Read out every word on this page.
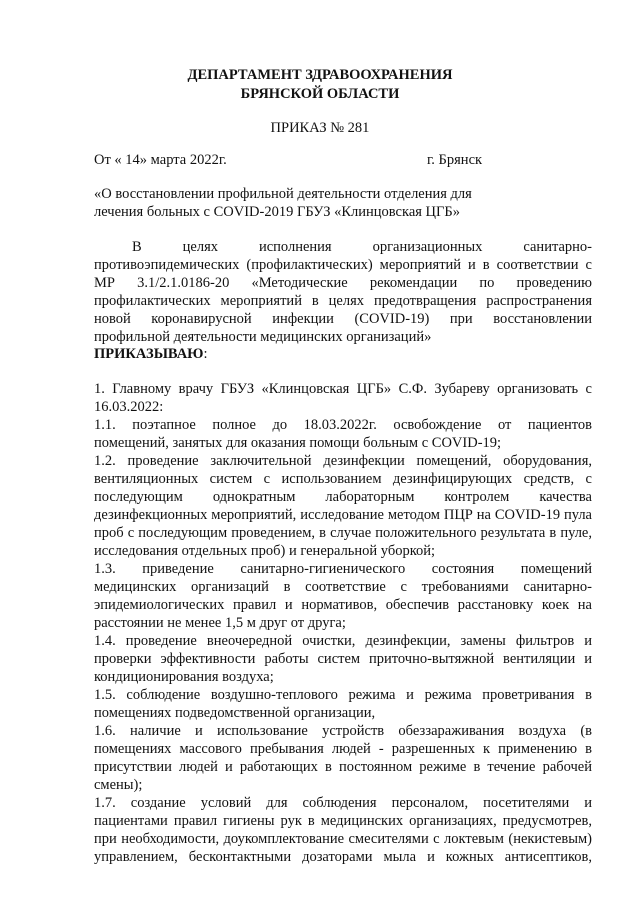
ДЕПАРТАМЕНТ ЗДРАВООХРАНЕНИЯ
БРЯНСКОЙ ОБЛАСТИ
ПРИКАЗ № 281
От « 14» марта 2022г.	г. Брянск
«О восстановлении профильной деятельности отделения для
лечения больных с COVID-2019 ГБУЗ «Клинцовская ЦГБ»
В целях исполнения организационных санитарно-
противоэпидемических (профилактических) мероприятий и в соответствии с
МР 3.1/2.1.0186-20 «Методические рекомендации по проведению
профилактических мероприятий в целях предотвращения распространения
новой коронавирусной инфекции (COVID-19) при восстановлении
профильной деятельности медицинских организаций»
ПРИКАЗЫВАЮ:
1. Главному врачу ГБУЗ «Клинцовская ЦГБ» С.Ф. Зубареву организовать с
16.03.2022:
1.1. поэтапное полное до 18.03.2022г. освобождение от пациентов
помещений, занятых для оказания помощи больным с COVID-19;
1.2. проведение заключительной дезинфекции помещений, оборудования,
вентиляционных систем с использованием дезинфицирующих средств, с
последующим однократным лабораторным контролем качества
дезинфекционных мероприятий, исследование методом ПЦР на COVID-19 пула
проб с последующим проведением, в случае положительного результата в пуле,
исследования отдельных проб) и генеральной уборкой;
1.3. приведение санитарно-гигиенического состояния помещений
медицинских организаций в соответствие с требованиями санитарно-
эпидемиологических правил и нормативов, обеспечив расстановку коек на
расстоянии не менее 1,5 м друг от друга;
1.4. проведение внеочередной очистки, дезинфекции, замены фильтров и
проверки эффективности работы систем приточно-вытяжной вентиляции и
кондиционирования воздуха;
1.5. соблюдение воздушно-теплового режима и режима проветривания в
помещениях подведомственной организации,
1.6. наличие и использование устройств обеззараживания воздуха (в
помещениях массового пребывания людей - разрешенных к применению в
присутствии людей и работающих в постоянном режиме в течение рабочей
смены);
1.7. создание условий для соблюдения персоналом, посетителями и
пациентами правил гигиены рук в медицинских организациях, предусмотрев,
при необходимости, доукомплектование смесителями с локтевым (некистевым)
управлением, бесконтактными дозаторами мыла и кожных антисептиков,
